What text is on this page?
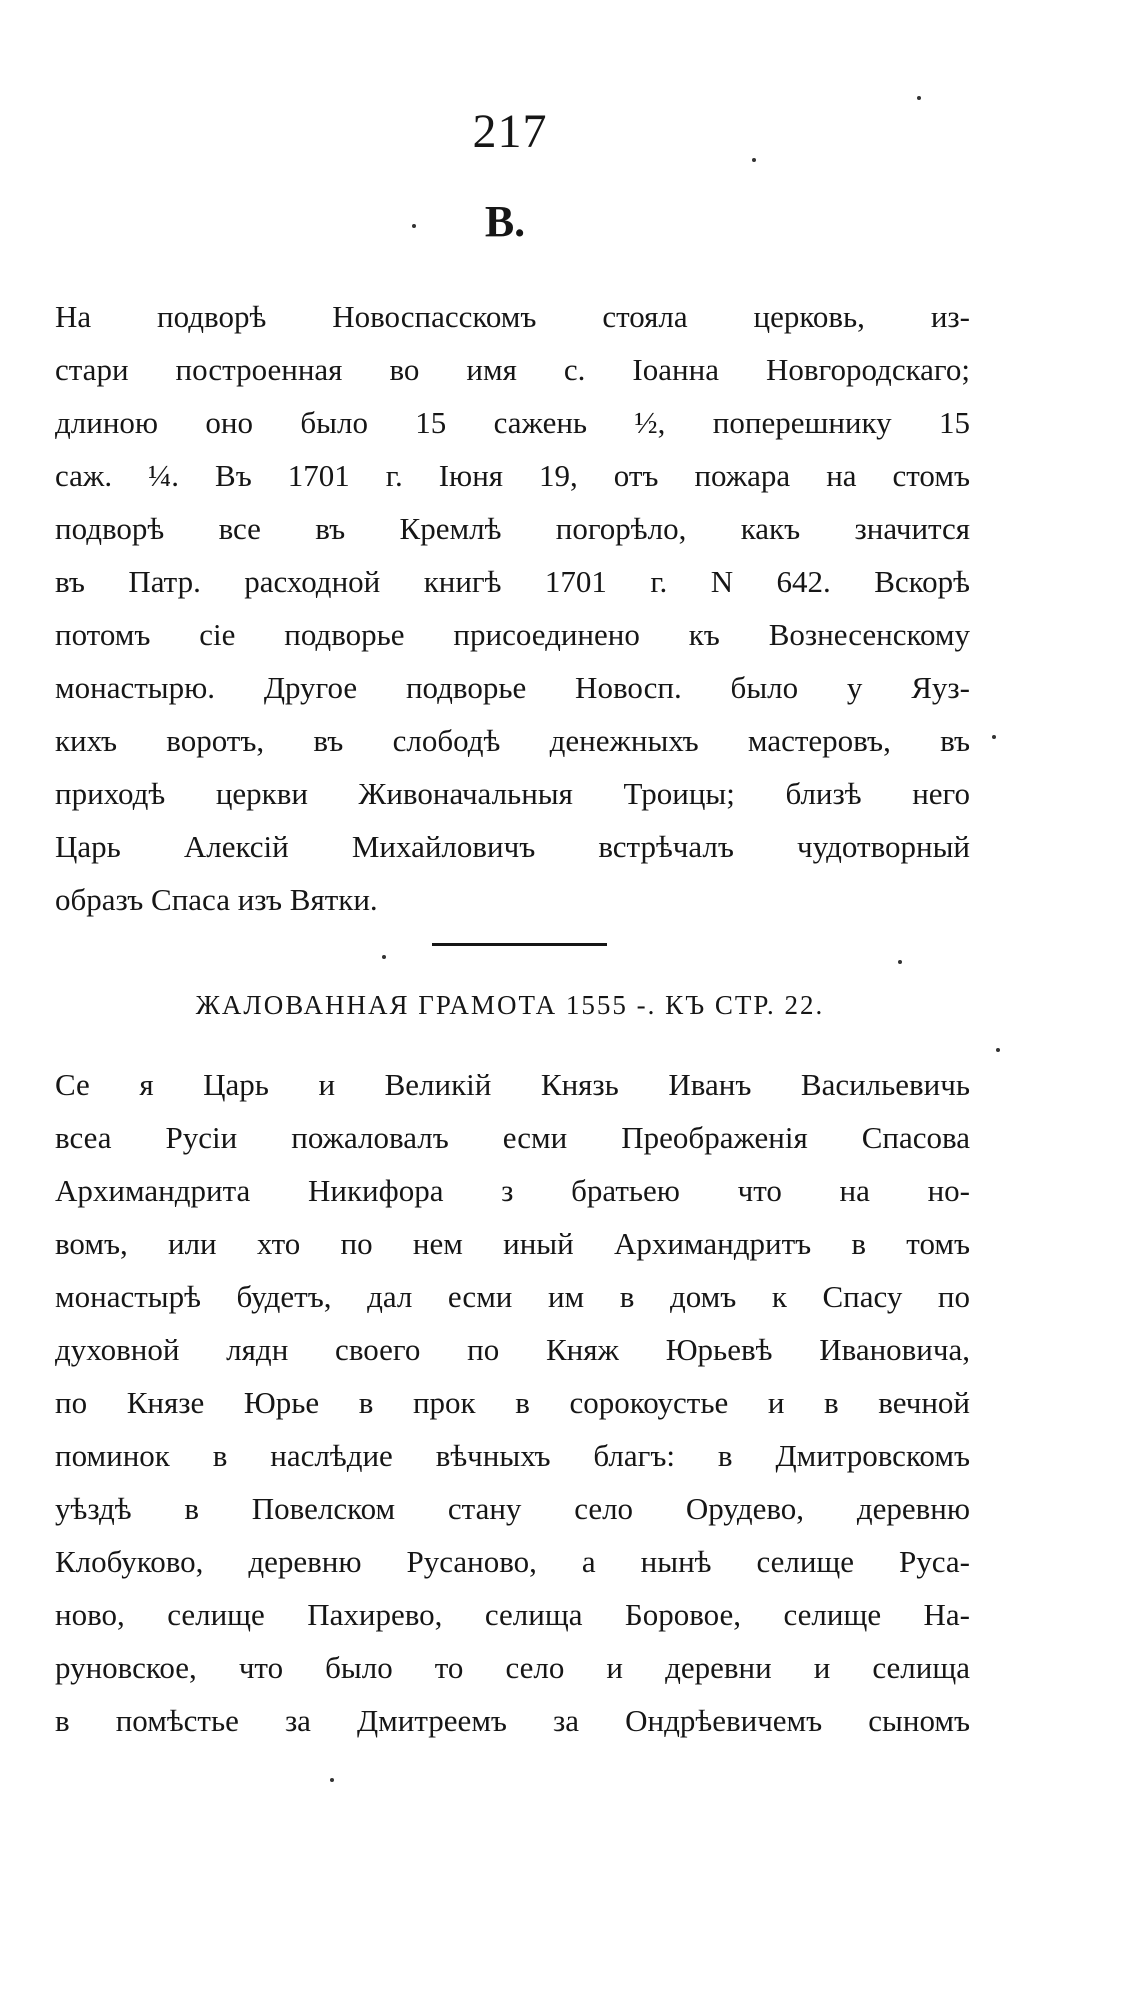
217
В.
На подворѣ Новоспасскомъ стояла церковь, из-
стари построенная во имя с. Іоанна Новгородскаго;
длиною оно было 15 сажень ½, поперешнику 15
саж. ¼. Въ 1701 г. Іюня 19, отъ пожара на стомъ
подворѣ все въ Кремлѣ погорѣло, какъ значится
въ Патр. расходной книгѣ 1701 г. N 642. Вскорѣ
потомъ сіе подворье присоединено къ Вознесенскому
монастырю. Другое подворье Новосп. было у Яуз-
кихъ воротъ, въ слободѣ денежныхъ мастеровъ, въ
приходѣ церкви Живоначальныя Троицы; близѣ него
Царь Алексій Михайловичъ встрѣчалъ чудотворный
образъ Спаса изъ Вятки.
ЖАЛОВАННАЯ ГРАМОТА 1555 -. КЪ СТР. 22.
Се я Царь и Великій Князь Иванъ Васильевичь
всеа Русіи пожаловалъ есми Преображенія Спасова
Архимандрита Никифора з братьею что на но-
вомъ, или хто по нем иный Архимандритъ в томъ
монастырѣ будетъ, дал есми им в домъ к Спасу по
духовной лядн своего по Княж Юрьевѣ Ивановича,
по Князе Юрье в прок в сорокоустье и в вечной
поминок в наслѣдие вѣчныхъ благъ: в Дмитровскомъ
уѣздѣ в Повелском стану село Орудево, деревню
Клобуково, деревню Русаново, а нынѣ селище Руса-
ново, селище Пахирево, селища Боровое, селище На-
руновское, что было то село и деревни и селища
в помѣстье за Дмитреемъ за Ондрѣевичемъ сыномъ
